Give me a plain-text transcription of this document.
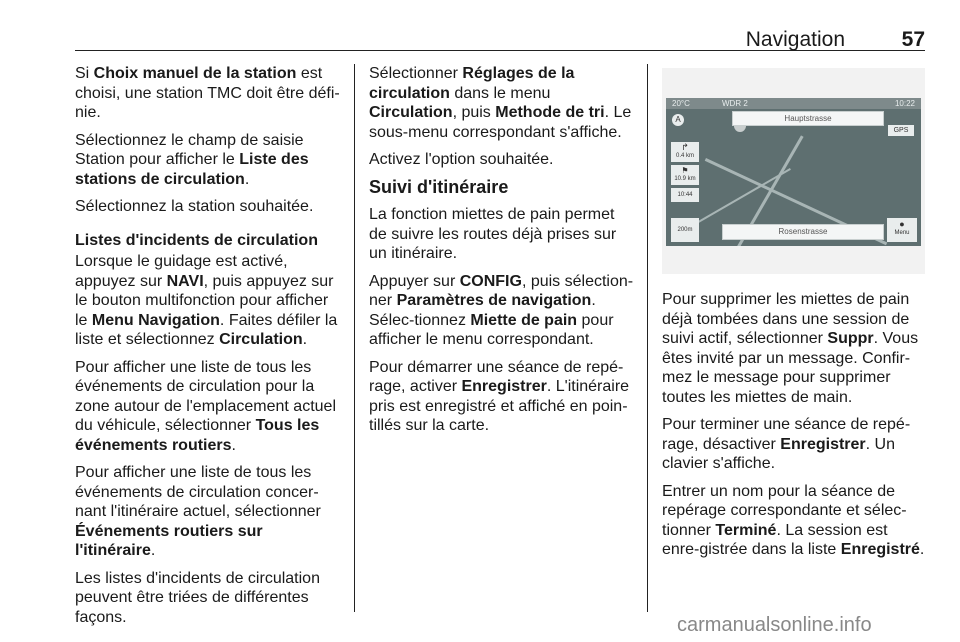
Navigation	57

Si Choix manuel de la station est choisi, une station TMC doit être défi-nie.

Sélectionnez le champ de saisie Station pour afficher le Liste des stations de circulation.

Sélectionnez la station souhaitée.

Listes d'incidents de circulation

Lorsque le guidage est activé, appuyez sur NAVI, puis appuyez sur le bouton multifonction pour afficher le Menu Navigation. Faites défiler la liste et sélectionnez Circulation.

Pour afficher une liste de tous les événements de circulation pour la zone autour de l'emplacement actuel du véhicule, sélectionner Tous les événements routiers.

Pour afficher une liste de tous les événements de circulation concer-nant l'itinéraire actuel, sélectionner Événements routiers sur l'itinéraire.

Les listes d'incidents de circulation peuvent être triées de différentes façons.

Sélectionner Réglages de la circulation dans le menu Circulation, puis Methode de tri. Le sous-menu correspondant s'affiche.

Activez l'option souhaitée.

Suivi d'itinéraire

La fonction miettes de pain permet de suivre les routes déjà prises sur un itinéraire.

Appuyer sur CONFIG, puis sélection-ner Paramètres de navigation. Sélec-tionnez Miette de pain pour afficher le menu correspondant.

Pour démarrer une séance de repé-rage, activer Enregistrer. L'itinéraire pris est enregistré et affiché en poin-tillés sur la carte.

20°C	WDR 2	10:22
A	Hauptstrasse
GPS
↱
0.4 km
⚑
10.9 km
10:44
200m	Rosenstrasse
●
Menu

Pour supprimer les miettes de pain déjà tombées dans une session de suivi actif, sélectionner Suppr. Vous êtes invité par un message. Confir-mez le message pour supprimer toutes les miettes de main.

Pour terminer une séance de repé-rage, désactiver Enregistrer. Un clavier s'affiche.

Entrer un nom pour la séance de repérage correspondante et sélec-tionner Terminé. La session est enre-gistrée dans la liste Enregistré.

carmanualsonline.info
